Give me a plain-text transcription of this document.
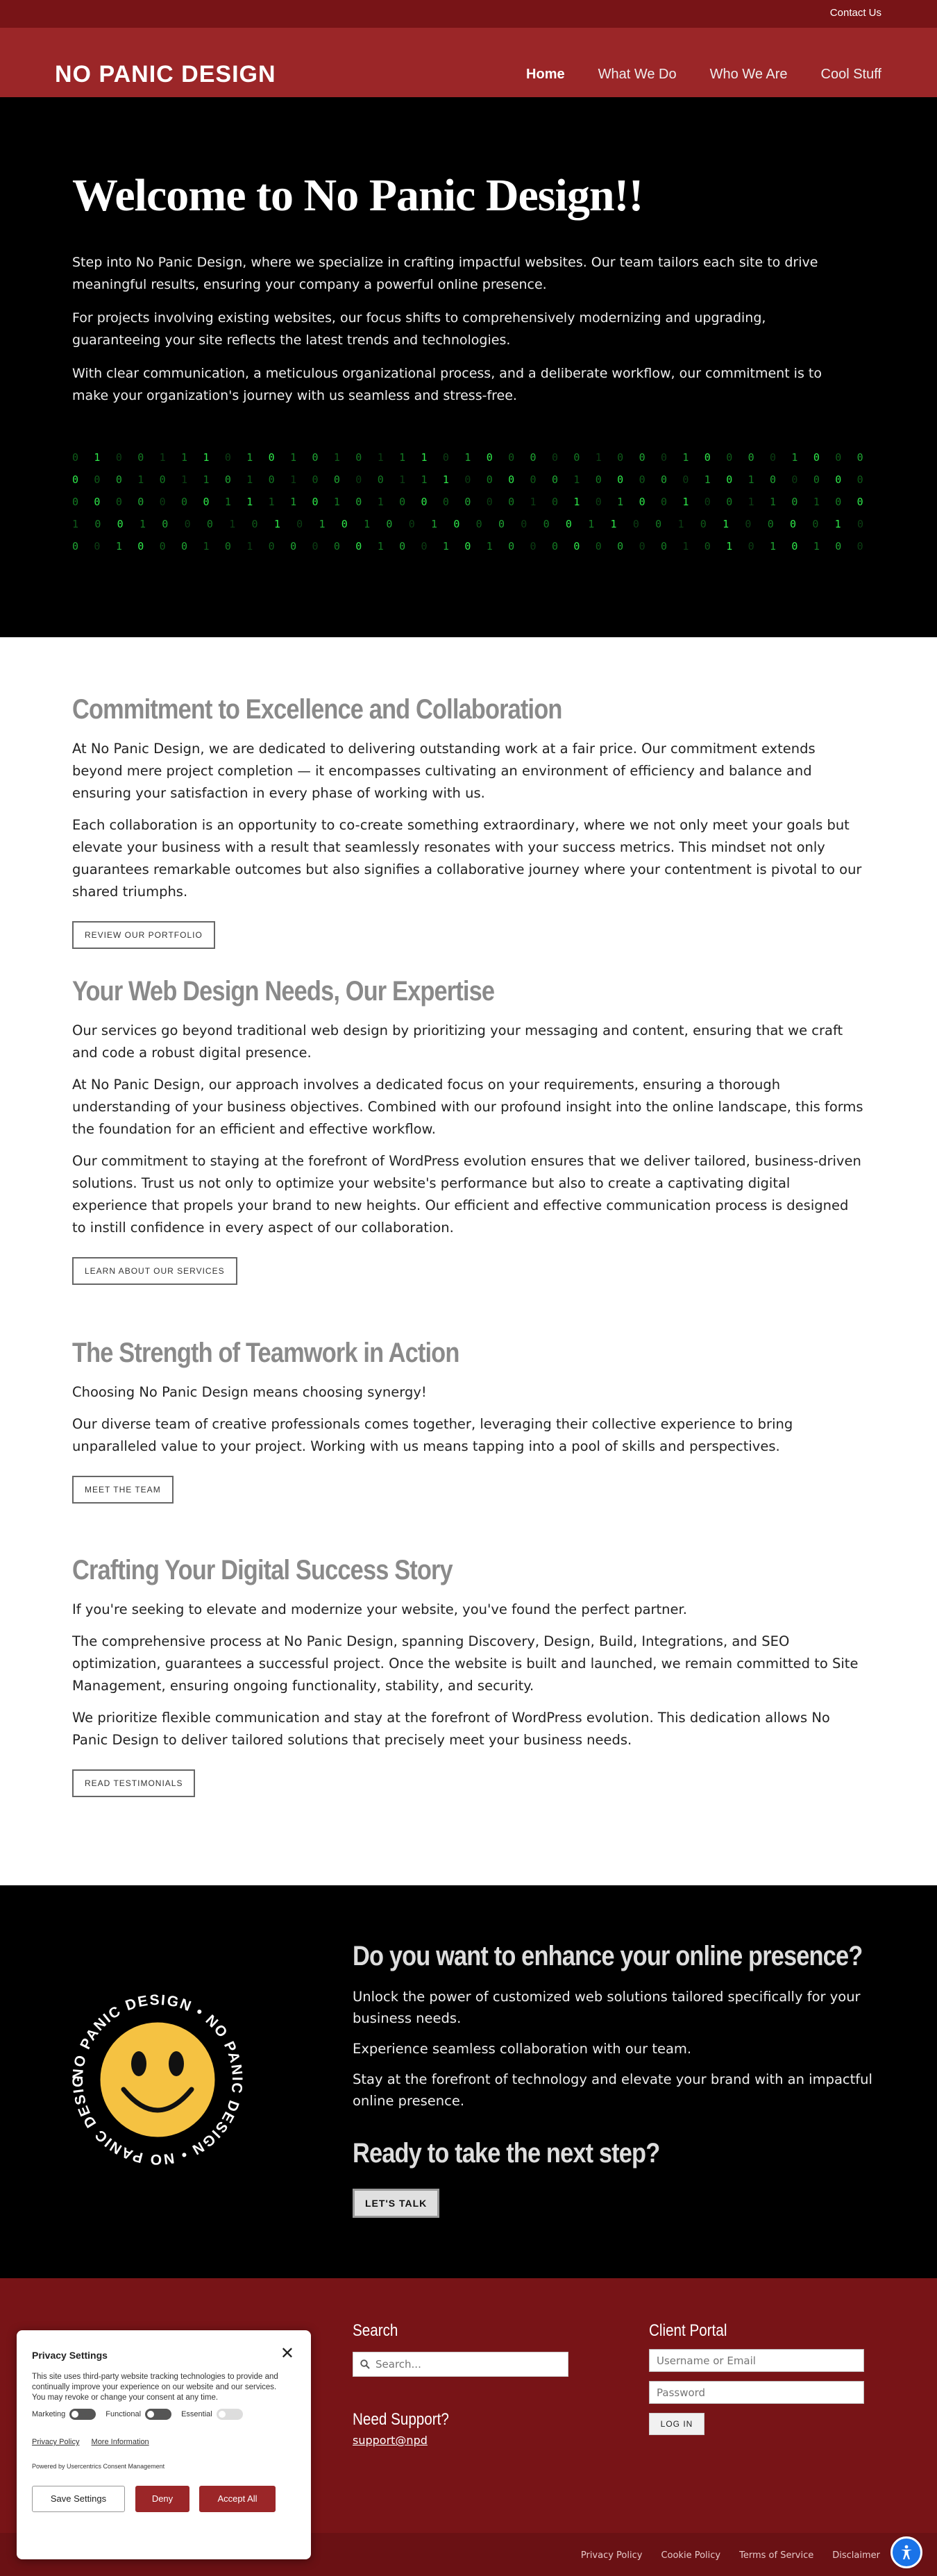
Contact Us
NO PANIC DESIGN	Home What We Do Who We Are Cool Stuff
Welcome to No Panic Design!!

Step into No Panic Design, where we specialize in crafting impactful websites. Our team tailors each site to drive meaningful results, ensuring your company a powerful online presence.

For projects involving existing websites, our focus shifts to comprehensively modernizing and upgrading, guaranteeing your site reflects the latest trends and technologies.

With clear communication, a meticulous organizational process, and a deliberate workflow, our commitment is to make your organization's journey with us seamless and stress-free.

0 1 0 0 1 1 1 0 1 0 1 0 1 0 1 1 1 0 1 0 0 0 0 0 1 0 0 0 1 0 0 0 0 1 0 0 0
0 0 0 1 0 1 1 0 1 0 1 0 0 0 0 1 1 1 0 0 0 0 0 1 0 0 0 0 0 1 0 1 0 0 0 0 0
0 0 0 0 0 0 0 1 1 1 1 0 1 0 1 0 0 0 0 0 0 1 0 1 0 1 0 0 1 0 0 1 1 0 1 0 0
1 0 0 1 0 0 0 1 0 1 0 1 0 1 0 0 1 0 0 0 0 0 0 1 1 0 0 1 0 1 0 0 0 0 1 0
0 0 1 0 0 0 1 0 1 0 0 0 0 0 1 0 0 1 0 1 0 0 0 0 0 0 0 0 1 0 1 0 1 0 1 0 0
Commitment to Excellence and Collaboration

At No Panic Design, we are dedicated to delivering outstanding work at a fair price. Our commitment extends beyond mere project completion — it encompasses cultivating an environment of efficiency and balance and ensuring your satisfaction in every phase of working with us.

Each collaboration is an opportunity to co-create something extraordinary, where we not only meet your goals but elevate your business with a result that seamlessly resonates with your success metrics. This mindset not only guarantees remarkable outcomes but also signifies a collaborative journey where your contentment is pivotal to our shared triumphs.

REVIEW OUR PORTFOLIO
Your Web Design Needs, Our Expertise

Our services go beyond traditional web design by prioritizing your messaging and content, ensuring that we craft and code a robust digital presence.

At No Panic Design, our approach involves a dedicated focus on your requirements, ensuring a thorough understanding of your business objectives. Combined with our profound insight into the online landscape, this forms the foundation for an efficient and effective workflow.

Our commitment to staying at the forefront of WordPress evolution ensures that we deliver tailored, business-driven solutions. Trust us not only to optimize your website's performance but also to create a captivating digital experience that propels your brand to new heights. Our efficient and effective communication process is designed to instill confidence in every aspect of our collaboration.

LEARN ABOUT OUR SERVICES
The Strength of Teamwork in Action

Choosing No Panic Design means choosing synergy!

Our diverse team of creative professionals comes together, leveraging their collective experience to bring unparalleled value to your project. Working with us means tapping into a pool of skills and perspectives.

MEET THE TEAM
Crafting Your Digital Success Story

If you're seeking to elevate and modernize your website, you've found the perfect partner.

The comprehensive process at No Panic Design, spanning Discovery, Design, Build, Integrations, and SEO optimization, guarantees a successful project. Once the website is built and launched, we remain committed to Site Management, ensuring ongoing functionality, stability, and security.

We prioritize flexible communication and stay at the forefront of WordPress evolution. This dedication allows No Panic Design to deliver tailored solutions that precisely meet your business needs.

READ TESTIMONIALS
NO PANIC DESIGN • NO PANIC DESIGN • NO PANIC DESIG
Do you want to enhance your online presence?

Unlock the power of customized web solutions tailored specifically for your business needs.

Experience seamless collaboration with our team.

Stay at the forefront of technology and elevate your brand with an impactful online presence.

Ready to take the next step?
LET'S TALK
Search
Search...
Need Support?
support@npd
Client Portal
Username or Email
LOG IN
Privacy Policy Cookie Policy Terms of Service Disclaimer
Privacy Settings	✕
This site uses third-party website tracking technologies to provide and continually improve your experience on our website and our services. You may revoke or change your consent at any time.
Marketing	Functional	Essential
Privacy Policy More Information
Powered by Usercentrics Consent Management
Save Settings	Deny	Accept All
